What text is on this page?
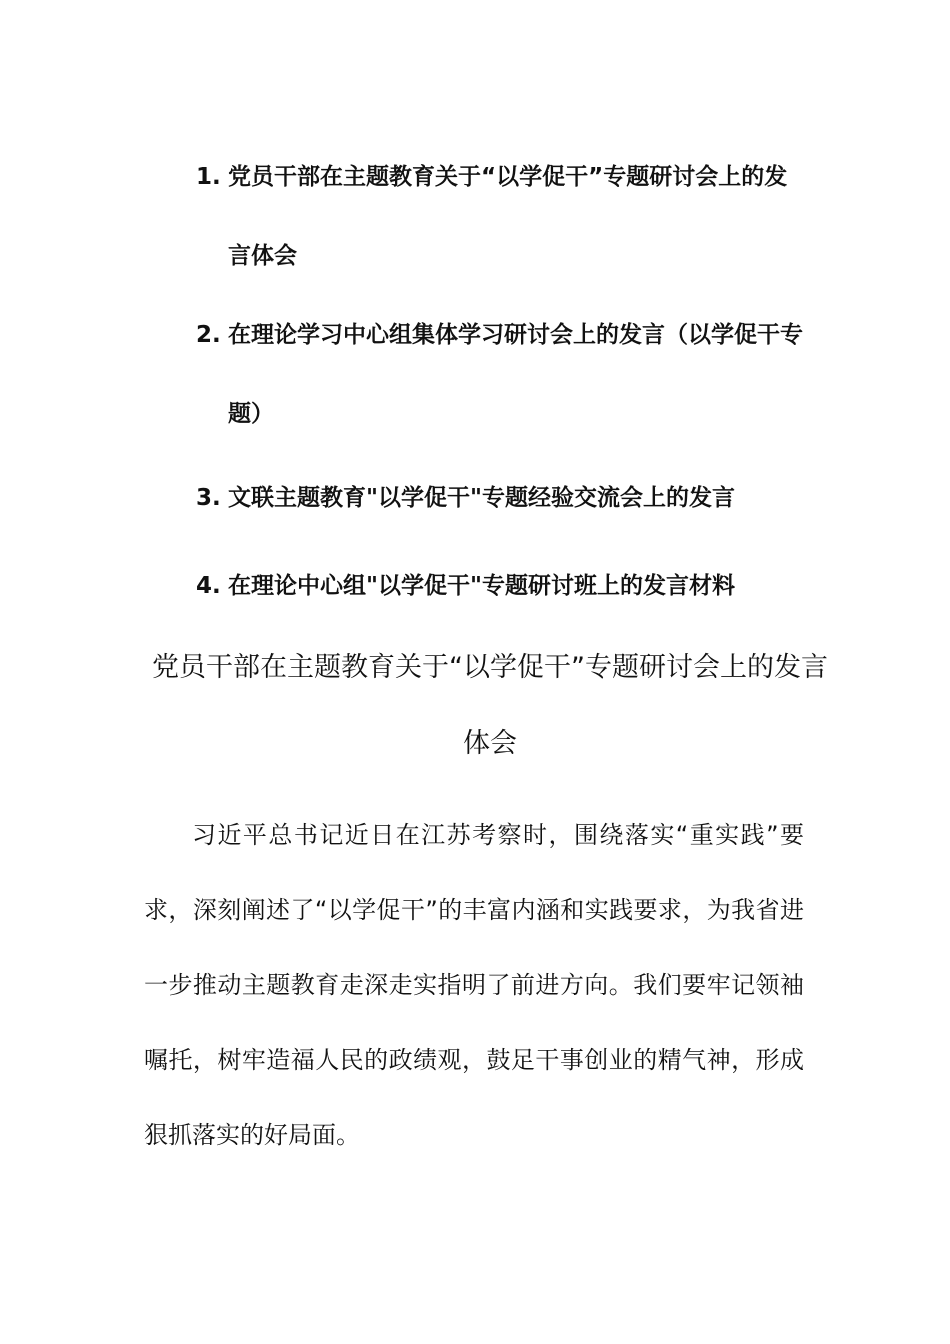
1. 党员干部在主题教育关于“以学促干”专题研讨会上的发言体会
2. 在理论学习中心组集体学习研讨会上的发言（以学促干专题）
3. 文联主题教育"以学促干"专题经验交流会上的发言
4. 在理论中心组"以学促干"专题研讨班上的发言材料
党员干部在主题教育关于“以学促干”专题研讨会上的发言体会

习近平总书记近日在江苏考察时，围绕落实“重实践”要求，深刻阐述了“以学促干”的丰富内涵和实践要求，为我省进一步推动主题教育走深走实指明了前进方向。我们要牢记领袖嘱托，树牢造福人民的政绩观，鼓足干事创业的精气神，形成狠抓落实的好局面。
